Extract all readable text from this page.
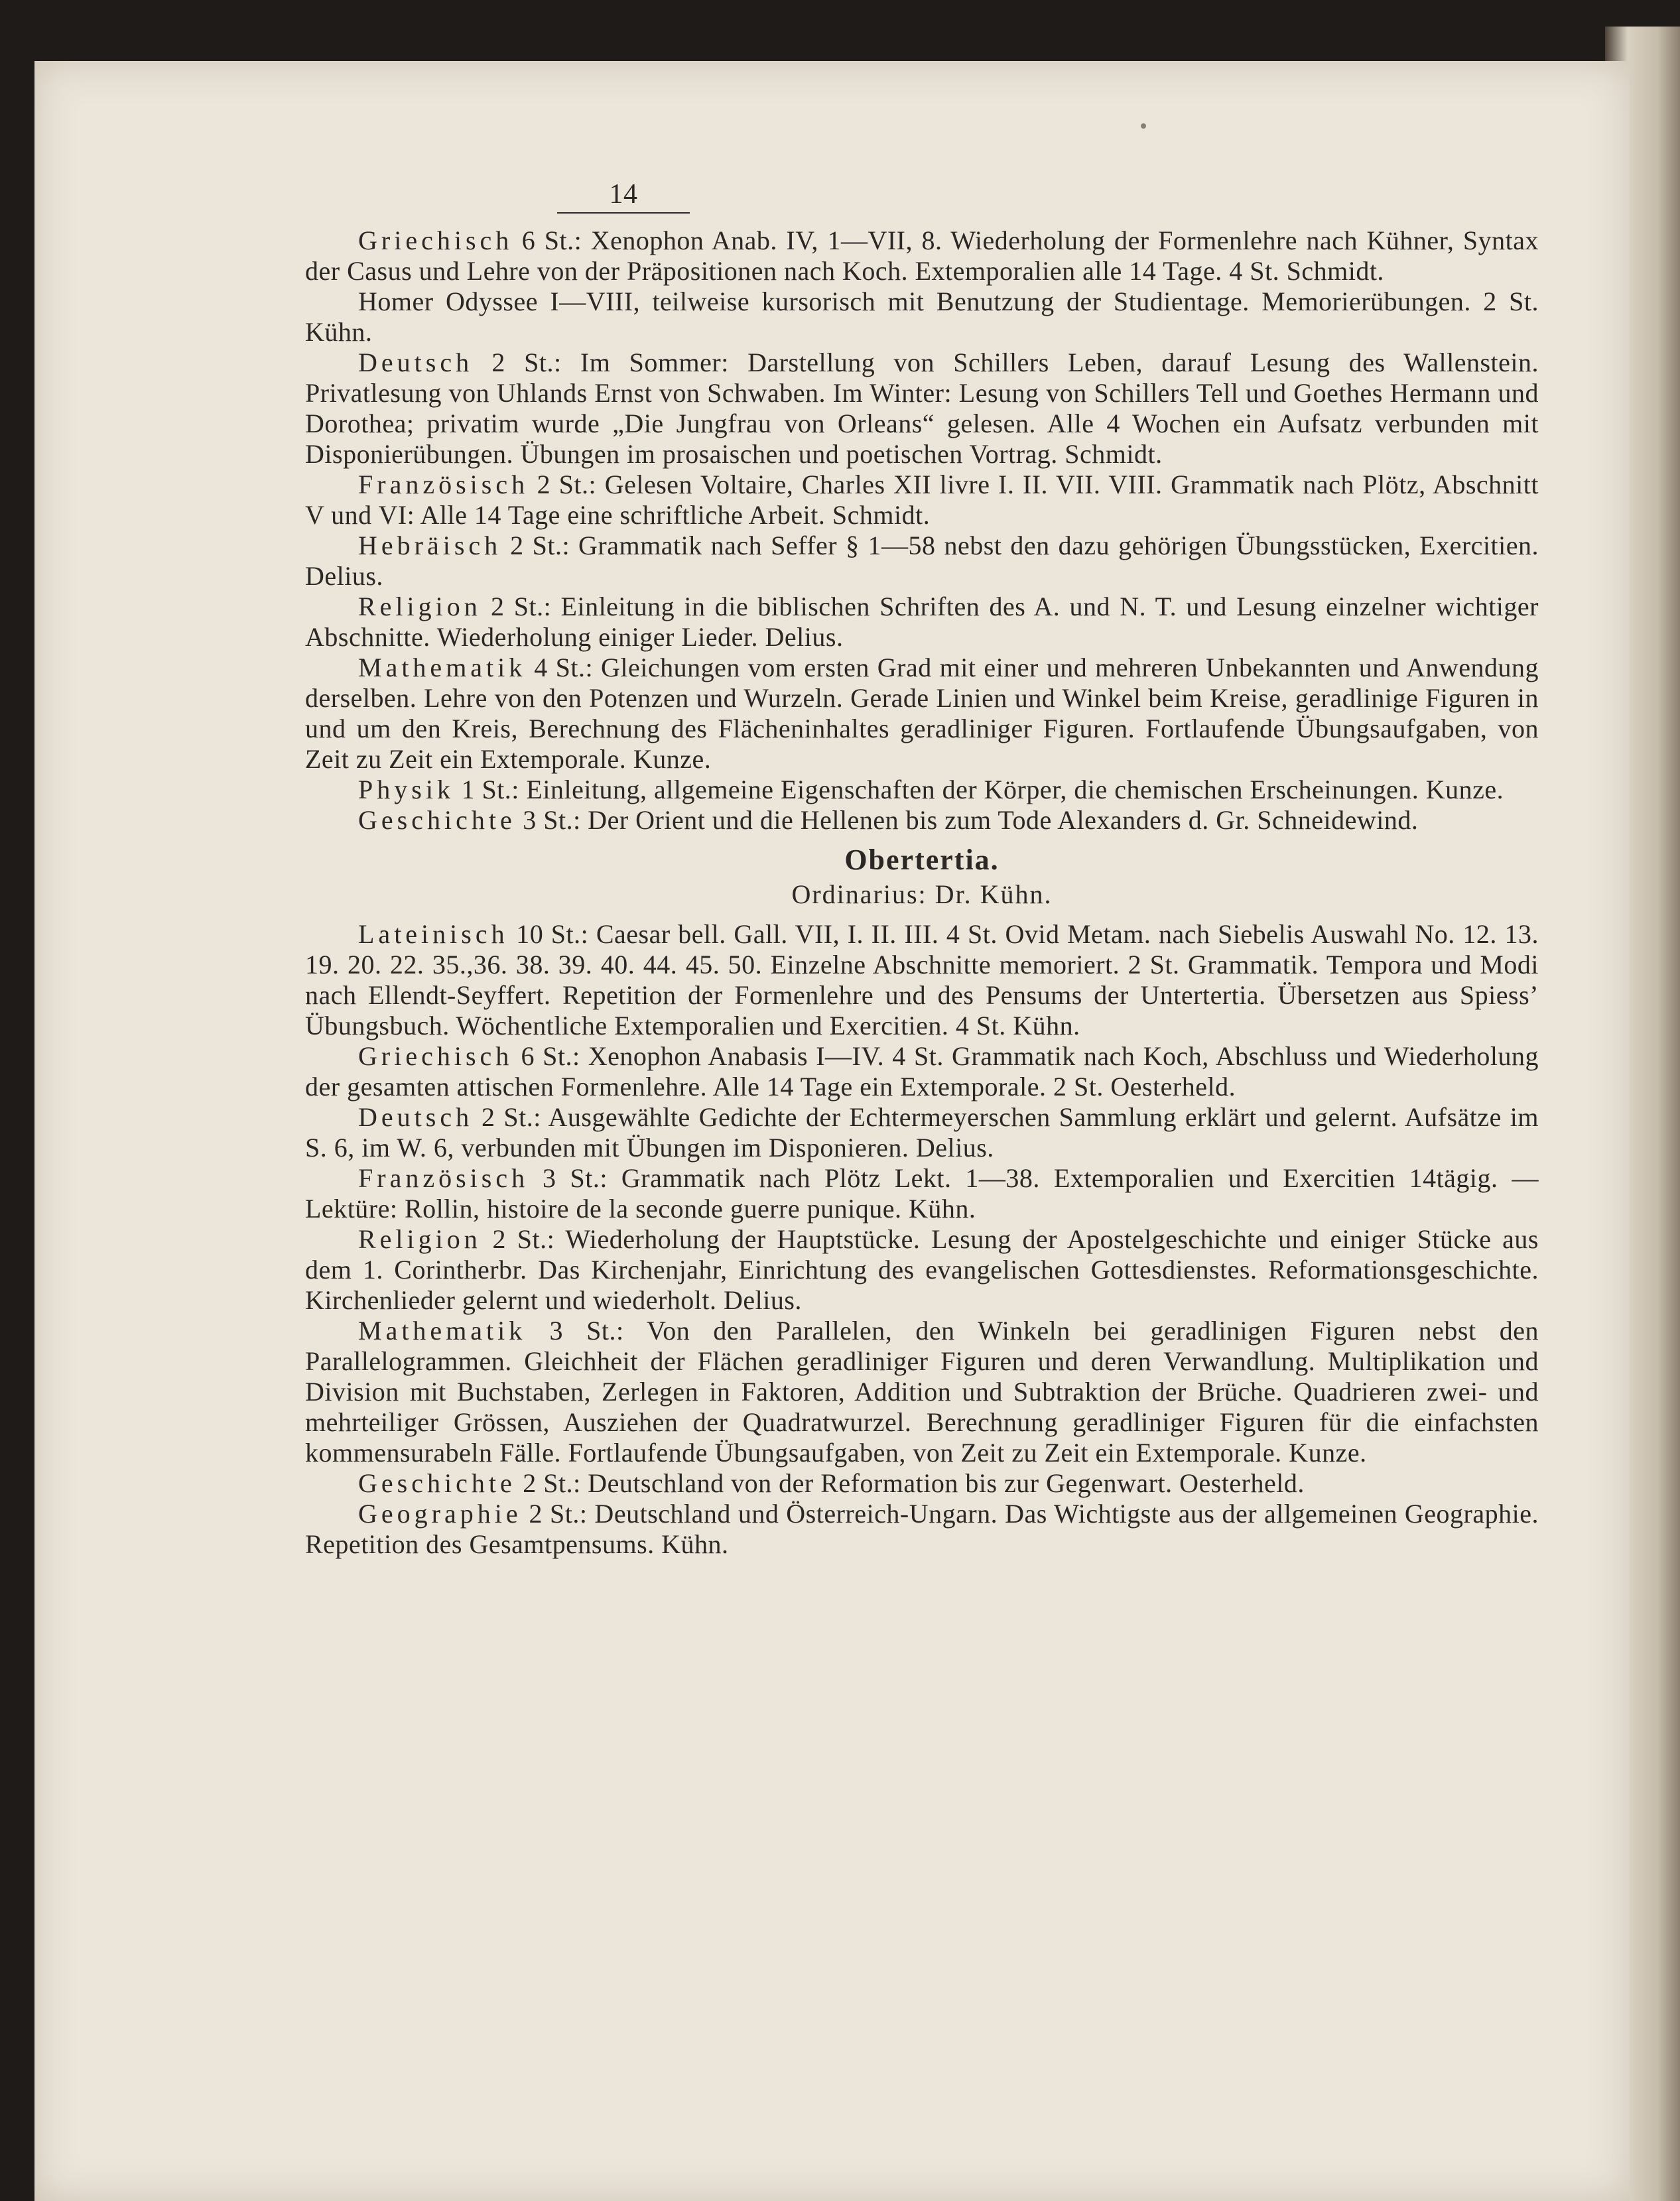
14

Griechisch 6 St.: Xenophon Anab. IV, 1—VII, 8. Wiederholung der Formenlehre nach Kühner, Syntax der Casus und Lehre von der Präpositionen nach Koch. Extemporalien alle 14 Tage. 4 St. Schmidt.

Homer Odyssee I—VIII, teilweise kursorisch mit Benutzung der Studientage. Memorierübungen. 2 St. Kühn.

Deutsch 2 St.: Im Sommer: Darstellung von Schillers Leben, darauf Lesung des Wallenstein. Privatlesung von Uhlands Ernst von Schwaben. Im Winter: Lesung von Schillers Tell und Goethes Hermann und Dorothea; privatim wurde „Die Jungfrau von Orleans“ gelesen. Alle 4 Wochen ein Aufsatz verbunden mit Disponierübungen. Übungen im prosaischen und poetischen Vortrag. Schmidt.

Französisch 2 St.: Gelesen Voltaire, Charles XII livre I. II. VII. VIII. Grammatik nach Plötz, Abschnitt V und VI: Alle 14 Tage eine schriftliche Arbeit. Schmidt.

Hebräisch 2 St.: Grammatik nach Seffer § 1—58 nebst den dazu gehörigen Übungsstücken, Exercitien. Delius.

Religion 2 St.: Einleitung in die biblischen Schriften des A. und N. T. und Lesung einzelner wichtiger Abschnitte. Wiederholung einiger Lieder. Delius.

Mathematik 4 St.: Gleichungen vom ersten Grad mit einer und mehreren Unbekannten und Anwendung derselben. Lehre von den Potenzen und Wurzeln. Gerade Linien und Winkel beim Kreise, geradlinige Figuren in und um den Kreis, Berechnung des Flächeninhaltes geradliniger Figuren. Fortlaufende Übungsaufgaben, von Zeit zu Zeit ein Extemporale. Kunze.

Physik 1 St.: Einleitung, allgemeine Eigenschaften der Körper, die chemischen Erscheinungen. Kunze.

Geschichte 3 St.: Der Orient und die Hellenen bis zum Tode Alexanders d. Gr. Schneidewind.

Obertertia.
Ordinarius: Dr. Kühn.

Lateinisch 10 St.: Caesar bell. Gall. VII, I. II. III. 4 St. Ovid Metam. nach Siebelis Auswahl No. 12. 13. 19. 20. 22. 35.,36. 38. 39. 40. 44. 45. 50. Einzelne Abschnitte memoriert. 2 St. Grammatik. Tempora und Modi nach Ellendt-Seyffert. Repetition der Formenlehre und des Pensums der Untertertia. Übersetzen aus Spiess’ Übungsbuch. Wöchentliche Extemporalien und Exercitien. 4 St. Kühn.

Griechisch 6 St.: Xenophon Anabasis I—IV. 4 St. Grammatik nach Koch, Abschluss und Wiederholung der gesamten attischen Formenlehre. Alle 14 Tage ein Extemporale. 2 St. Oesterheld.

Deutsch 2 St.: Ausgewählte Gedichte der Echtermeyerschen Sammlung erklärt und gelernt. Aufsätze im S. 6, im W. 6, verbunden mit Übungen im Disponieren. Delius.

Französisch 3 St.: Grammatik nach Plötz Lekt. 1—38. Extemporalien und Exercitien 14tägig. — Lektüre: Rollin, histoire de la seconde guerre punique. Kühn.

Religion 2 St.: Wiederholung der Hauptstücke. Lesung der Apostelgeschichte und einiger Stücke aus dem 1. Corintherbr. Das Kirchenjahr, Einrichtung des evangelischen Gottesdienstes. Reformationsgeschichte. Kirchenlieder gelernt und wiederholt. Delius.

Mathematik 3 St.: Von den Parallelen, den Winkeln bei geradlinigen Figuren nebst den Parallelogrammen. Gleichheit der Flächen geradliniger Figuren und deren Verwandlung. Multiplikation und Division mit Buchstaben, Zerlegen in Faktoren, Addition und Subtraktion der Brüche. Quadrieren zwei- und mehrteiliger Grössen, Ausziehen der Quadratwurzel. Berechnung geradliniger Figuren für die einfachsten kommensurabeln Fälle. Fortlaufende Übungsaufgaben, von Zeit zu Zeit ein Extemporale. Kunze.

Geschichte 2 St.: Deutschland von der Reformation bis zur Gegenwart. Oesterheld.

Geographie 2 St.: Deutschland und Österreich-Ungarn. Das Wichtigste aus der allgemeinen Geographie. Repetition des Gesamtpensums. Kühn.
